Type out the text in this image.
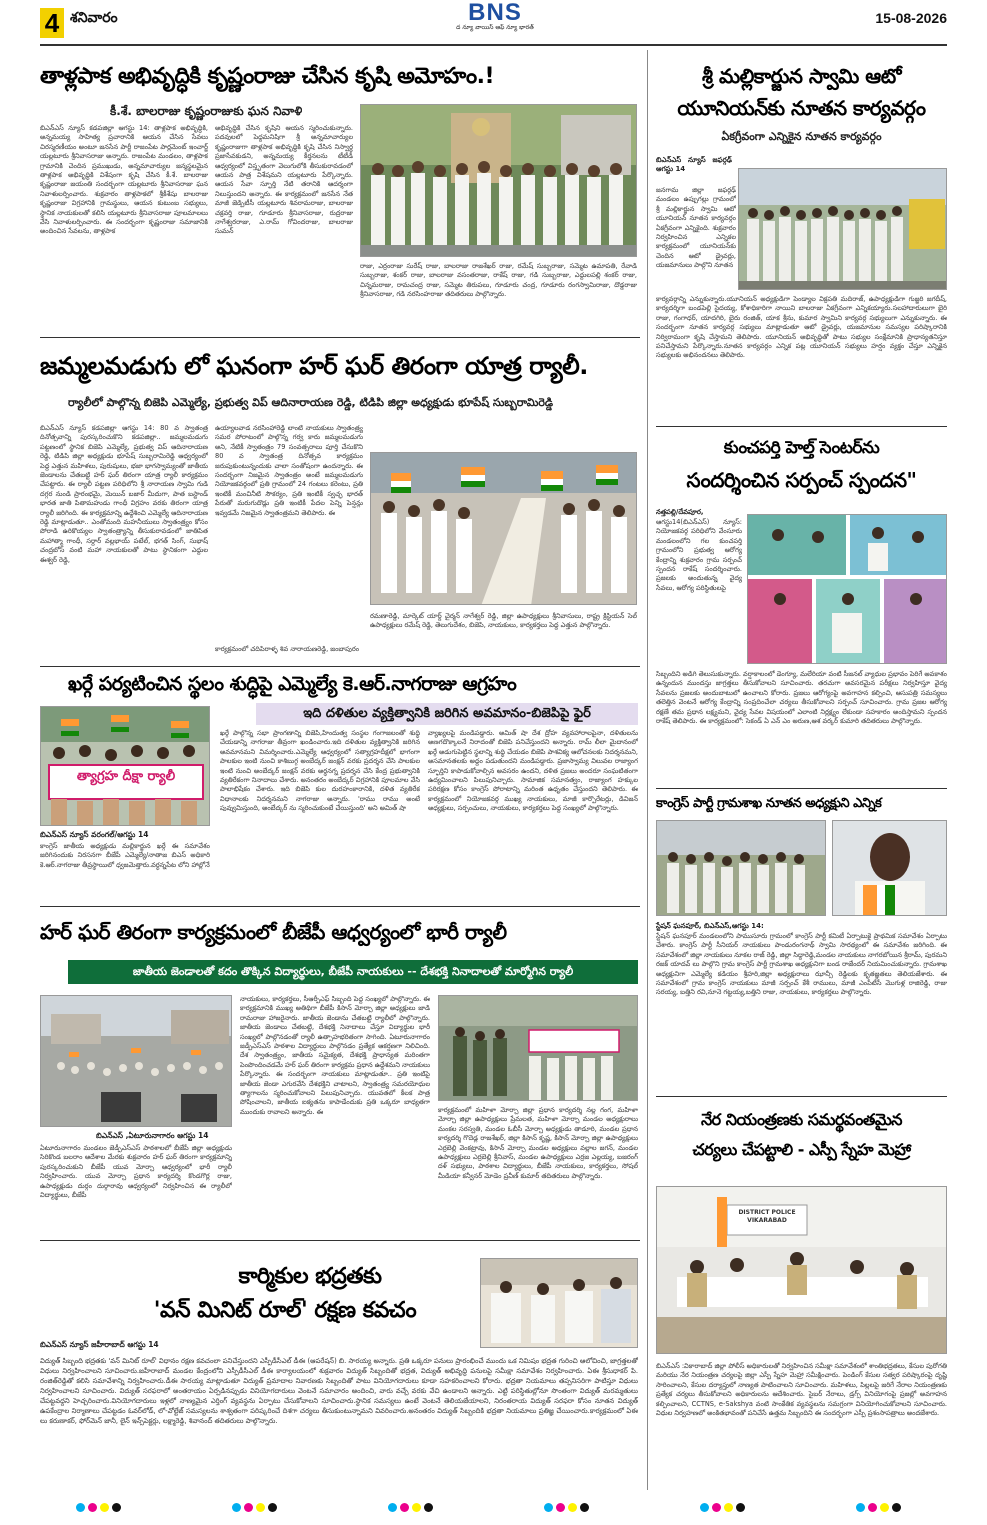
4 శనివారం	BNS
ద న్యూ వాయిస్ ఆఫ్ న్యూ భారత్
15-08-2026
తాళ్లపాక అభివృద్ధికి కృష్ణంరాజు చేసిన కృషి అమోహం.!
కీ.శే. బాలరాజు కృష్ణంరాజుకు ఘన నివాళి
బిఎన్ఎస్ న్యూస్ కడపజిల్లా ఆగస్టు 14: తాళ్లపాక అభివృద్ధికి, అన్నమయ్య సాహిత్య ప్రచారానికి ఆయన చేసిన సేవలు చిరస్మరణీయం అంటూ జనసేన పార్టీ రాజంపేట పార్లమెంట్ ఇంచార్జ్ యల్లటూరు శ్రీనివాసరాజు అన్నారు. రాజంపేట మండలం, తాళ్లపాక గ్రామానికి చెందిన ప్రముఖుడు, అన్నమాచార్యుల జన్మస్థలమైన తాళ్లపాక అభివృద్ధికి విశేషంగా కృషి చేసిన కీ.శే. బాలరాజు కృష్ణంరాజు జయంతి సందర్భంగా యల్లటూరు శ్రీనివాసరాజు ఘన నివాళులర్పించారు. శుక్రవారం తాళ్లపాకలో శ్రీకీశేషు బాలరాజు కృష్ణంరాజు విగ్రహానికి గ్రామస్థులు, ఆయన కుటుంబ సభ్యులు, స్థానిక నాయకులతో కలిసి యల్లటూరు శ్రీనివాసరాజు పూలమాలలు వేసి నివాళులర్పించారు. ఈ సందర్భంగా కృష్ణంరాజు సమాజానికి అందించిన సేవలను, తాళ్లపాక
అభివృద్ధికి చేసిన కృషిని ఆయన స్మరించుకున్నారు. పదవులలో పెద్దమనిషిగా శ్రీ అన్నమాచార్యుల కృష్ణంరాజుగా తాళ్లపాక అభివృద్ధికి కృషి చేసిన నిస్వార్థ ప్రజాసేవకుడని, అన్నమయ్య కీర్తనలను టీటీడీ ఆధ్వర్యంలో విస్తృతంగా వెలుగులోకి తీసుకురావడంలో ఆయన పాత్ర విశేషమని యల్లటూరు పేర్కొన్నారు. ఆయన సేవా స్ఫూర్తి నేటి తరానికి ఆదర్శంగా నిలుస్తుందని అన్నారు. ఈ కార్యక్రమంలో జనసేన నేత మాజీ జెడ్పిటీసీ యల్లటూరు శివరామరాజు, బాలరాజు చక్రవర్తి రాజు, గూడూరు శ్రీనివాసరాజు, రుద్రరాజు నాగేశ్వరరాజు, ఎ.రామ్ గోవిందరాజు, బాలరాజు సుమన్
రాజు, ఎర్రంరాజు సురేష్ రాజు, బాలరాజు రాజశేఖర్ రాజు, రమేష్ సుబ్బరాజు, సమ్మెట ఉమాపతి, రేవాడి సుబ్బరాజు, శంకర్ రాజు, బాలరాజు వసంతరాజు, రాకేష్ రాజు, గడి సుబ్బరాజు, ఎద్దులపల్లి శంకర్ రాజు, చిన్నమరాజు, రామచంద్ర రాజు, సమ్మెట తిరుపలు, గూడూరు చంద్ర, గూడూరు రంగస్వామిరాజు, దొడ్డరాజు శ్రీనివాసరాజు, గడి నరసింహరాజు తదితరులు పాల్గొన్నారు.
జమ్మలమడుగు లో ఘనంగా హర్ ఘర్ తిరంగా యాత్ర ర్యాలీ.
ర్యాలీలో పాల్గొన్న బిజెపి ఎమ్మెల్యే, ప్రభుత్వ విప్ ఆదినారాయణ రెడ్డి, టిడిపి జిల్లా అధ్యక్షుడు భూపేష్ సుబ్బరామిరెడ్డి
బిఎన్ఎస్ న్యూస్ కడపజిల్లా ఆగస్టు 14: 80 వ స్వాతంత్ర దినోత్సవాన్ని పురస్కరించుకొని కడపజిల్లా.. జమ్మలమడుగు పట్టణంలో స్థానిక బిజెపి ఎమ్మెల్యే, ప్రభుత్వ విప్ ఆదినారాయణ రెడ్డి, టిడిపి జిల్లా అధ్యక్షుడు భూపేష్ సుబ్బరామిరెడ్డి ఆధ్వర్యంలో పెద్ద ఎత్తున మహిళలు, పురుషులు, భజా భాగస్వామ్యంతో జాతీయ జెండాలను చేతబట్టి హర్ ఘర్ తిరంగా యాత్ర ర్యాలీ కార్యక్రమం చేపట్టారు. ఈ ర్యాలీ పట్టణ పరిధిలోని శ్రీ నారాయణ స్వామి గుడి దగ్గర నుండి ప్రారంభమై, మెయిన్ బజార్ మీదుగా, పాత బస్టాండ్ భారత జాతి పితామహుడు గాంధీ విగ్రహం వరకు తిరంగా యాత్ర ర్యాలీ జరిగింది. ఈ కార్యక్రమాన్ని ఉద్దేశించి ఎమ్మెల్యే ఆదినారాయణ రెడ్డి మాట్లాడుతూ.. ఎంతోమంది మహనీయులు స్వాతంత్ర్యం కోసం పోరాడి ఉరికొయ్యల స్వాతంత్ర్యాన్ని తీసుకురావడంలో జాతిపిత మహాత్మా గాంధీ, సర్దార్ వల్లభాయ్ పటేల్, భగత్ సింగ్, సుభాష్ చంద్రబోస్ వంటి మహా నాయకులతో పాటు స్థానికంగా ఎద్దుల ఈశ్వర్ రెడ్డి,
ఉయ్యాలవాడ నరసింహారెడ్డి లాంటి నాయకులు స్వాతంత్ర్య సమర పోరాటంలో పాల్గొన్న గర్వ కారు జమ్మలమడుగు అని, నేటికీ స్వాతంత్రం 79 సంవత్సరాలు పూర్తి చేసుకొని 80 వ స్వాతంత్ర దినోత్సవ కార్యక్రమం జరుపుకుంటున్నందుకు చాలా సంతోషంగా ఉందన్నారు. ఈ సందర్భంగా నిజమైన స్వాతంత్రం అంటే జమ్మలమడుగు నియోజకవర్గంలో ప్రతి గ్రామంలో 24 గంటలు కరెంటు, ప్రతి ఇంటికీ మంచినీటి సౌకర్యం, ప్రతి ఇంటికీ స్వచ్ఛ భారత్ పేరుతో మరుగుదొడ్లు ప్రతి ఇంటికీ పేదల పెన్ని పెన్షన్లు ఇవ్వడమే నిజమైన స్వాతంత్రమని తెలిపారు. ఈ
కార్యక్రమంలో చదిపిరాళ్ళ శివ నారాయణరెడ్డి, జంబాపురం
రమణారెడ్డి, మార్కెట్ యార్డ్ చైర్మన్ నాగేశ్వర్ రెడ్డి, జిల్లా ఉపాధ్యక్షులు శ్రీనివాసులు, రాష్ట్ర క్రిస్టియన్ సెల్ ఉపాధ్యక్షులు రమేష్ రెడ్డి, తెలుగుదేశం, బిజెపి, నాయకులు, కార్యకర్తలు పెద్ద ఎత్తున పాల్గొన్నారు.
ఖర్గే పర్యటించిన స్థలం శుద్ధిపై ఎమ్మెల్యే కె.ఆర్.నాగరాజు ఆగ్రహం
ఇది దళితుల వ్యక్తిత్వానికి జరిగిన అవమానం-బిజెపిపై ఫైర్
త్యాగ్రహ దీక్షా ర్యాలీ
బిఎన్ఎస్ న్యూస్ వరంగల్/ఆగస్టు 14
కాంగ్రెస్ జాతీయ అధ్యక్షుడు మల్లికార్జున ఖర్గే ఈ సమావేశం జరిగినందుకు నిరసనగా బీజేపీ ఎమ్మెల్యే/నాతాజ బిఎస్ అధికారి కె.ఆర్.నాగరాజు తీవ్రస్థాయిలో ధ్వజమెత్తారు.వర్ధన్నపేట లోని హాల్లోనే
ఖర్గే పాల్గొన్న సభా ప్రాంగణాన్ని బిజెపి,హిందుత్వ సంస్థల గంగాజలంతో శుద్ధి చేయడాన్ని నాగరాజు తీవ్రంగా ఖండించారు.ఇది దళితుల వ్యక్తిత్వానికి జరిగిన అవమానమని విమర్శించారు.ఎమ్మెల్యే ఆధ్వర్యంలో సత్యాగ్రహదీక్షలో భాగంగా పాలకుల ఇంటి నుంచి కాశిబుగ్గ అంబేద్కర్ జంక్షన్ వరకు ప్రదర్శన చేసి పాలకుల ఇంటి నుంచి అంబేద్కర్ జంక్షన్ వరకు అర్ధనగ్న ప్రదర్శన చేసి కేంద్ర ప్రభుత్వానికి వ్యతిరేకంగా నినాదాలు చేశారు. అనంతరం అంబేద్కర్ విగ్రహానికి పూలమాల వేసి పాలాభిషేకం చేశారు. ఇది బిజెపి కుల దురహంకారానికి, దళిత వ్యతిరేక విధానాలకు నిదర్శనమని నాగరాజు అన్నారు. 'రాము రాము అంటే పువ్వుమిస్తుంది, అంబేద్కర్ ను స్మరించుకుంటే చేయిస్తుంది' అని అమిత్ షా
వ్యాఖ్యలపై మండిపడ్డారు. అమిత్ షా దేశ ద్రోహ వ్యవహారాలపైనా, దళితులను అణగదొక్కాలనే నిరాదంతో బిజెపి పనిచేస్తుందని అన్నారు. రామ్ లీలా మైదానంలో ఖర్గే అడుగుపెట్టిన స్థలాన్ని శుద్ధి చేయడం బిజెపి పాశవిక్య ఆలోచనలకు నిదర్శనమని, అసమానతలకు అద్దం పడుతుందని మండిపడ్డారు. ప్రజాస్వామ్య విలువల రాజ్యాంగ స్ఫూర్తిని కాపాడుకోవాల్సిన అవసరం ఉందని, దళిత ప్రజలు అందరూ సంఘటితంగా ఉద్యమించాలని పిలుపునిచ్చారు. సామాజిక సమానత్వం, రాజ్యాంగ హక్కుల పరిరక్షణ కోసం కాంగ్రెస్ పోరాటాన్ని మరింత ఉధృతం చేస్తుందని తెలిపారు. ఈ కార్యక్రమంలో నియోజకవర్గ ముఖ్య నాయకులు, మాజీ కార్పొరేటర్లు, డివిజన్ అధ్యక్షులు, సర్పంచులు, నాయకులు, కార్యకర్తలు పెద్ద సంఖ్యలో పాల్గొన్నారు.
హర్ ఘర్ తిరంగా కార్యక్రమంలో బీజేపీ ఆధ్వర్యంలో భారీ ర్యాలీ
జాతీయ జెండాలతో కదం తొక్కిన విద్యార్థులు, బీజేపీ నాయకులు -- దేశభక్తి నినాదాలతో మార్మోగిన ర్యాలీ
బిఎన్ఎస్ ,ఏటూరునాగారం ఆగస్టు 14
ఏటూరునాగారం మండలం జెడ్పీఎస్ఎస్ పాఠశాలలో బీజేపీ జిల్లా అధ్యక్షుడు సిరికొండ బలరాం ఆదేశాల మేరకు శుక్రవారం హర్ ఘర్ తిరంగా కార్యక్రమాన్ని పురస్కరించుకుని బీజేపీ యువ మోర్చా ఆధ్వర్యంలో భారీ ర్యాలీ నిర్వహించారు. యువ మోర్చా ప్రధాన కార్యదర్శి కొండగొర్ల రాజు, ఉపాధ్యక్షుడు దుర్గం దుర్గారావు ఆధ్వర్యంలో నిర్వహించిన ఈ ర్యాలీలో విద్యార్థులు, బీజేపీ
నాయకులు, కార్యకర్తలు, సీఆర్పీఎఫ్ సిబ్బంది పెద్ద సంఖ్యలో పాల్గొన్నారు. ఈ కార్యక్రమానికి ముఖ్య అతిథిగా బీజేపీ కిసాన్ మోర్చా జిల్లా అధ్యక్షులు జాడి రామరాజు హాజరైనారు. జాతీయ జెండాను చేతబట్టి ర్యాలీలో పాల్గొన్నారు. జాతీయ జెండాలు చేతబట్టి, దేశభక్తి నినాదాలు చేస్తూ విద్యార్థుల భారీ సంఖ్యలో పాల్గొనడంతో ర్యాలీ ఉత్సాహభరితంగా సాగింది. ఏటూరునాగారం జడ్పీఎస్ఎస్ పాఠశాల విద్యార్థులు పాల్గొనడం ప్రత్యేక ఆకర్షణగా నిలిచింది. దేశ స్వాతంత్ర్యం, జాతీయ సమైక్యత, దేశభక్తి ప్రాధాన్యత మరింతగా పెంపొందించడమే హర్ ఘర్ తిరంగా కార్యక్రమ ప్రధాన ఉద్దేశమని నాయకులు పేర్కొన్నారు. ఈ సందర్భంగా నాయకులు మాట్లాడుతూ.. ప్రతి ఇంటిపై జాతీయ జెండా ఎగురవేసి దేశభక్తిని చాటాలని, స్వాతంత్ర్య సమరయోధుల త్యాగాలను స్మరించుకోవాలని పిలుపునిచ్చారు. యువతలో కీలక పాత్ర పోషించాలని, జాతీయ ఐక్యతను కాపాడేందుకు ప్రతి ఒక్కరూ బాధ్యతగా ముందుకు రావాలని అన్నారు. ఈ	కార్యక్రమంలో మహిళా మోర్చా జిల్లా ప్రధాన కార్యదర్శి నల్ల గంగ, మహిళా మోర్చా జిల్లా ఉపాధ్యక్షులు ప్రేమలత, మహిళా మోర్చా మండల అధ్యక్షురాలు మంకల సరస్వతి, మండల ఓబీసీ మోర్చా అధ్యక్షుడు తాడూరి, మండల ప్రధాన కార్యదర్శి గొదెడ్ల రాజశేఖర్, జిల్లా కిసాన్ కృష్ణ, కిసాన్ మోర్చా జిల్లా ఉపాధ్యక్షులు ఎర్రబెల్లి వెంకట్రావు, కిసాన్ మోర్చా మండల అధ్యక్షులు వల్లాల జగన్, మండల ఉపాధ్యక్షులు ఎర్రబెల్లి శ్రీనివాస్, మండల ఉపాధ్యక్షులు ఎర్రజ ఎల్లయ్య, బజరంగ్ దళ్ సభ్యులు, పాఠశాల విద్యార్థులు, బీజేపీ నాయకులు, కార్యకర్తలు, సోషల్ మీడియా కన్వీనర్ మోడెం ప్రవీణ్ కుమార్ తదితరులు పాల్గొన్నారు.
కార్మికుల భద్రతకు
'వన్ మినిట్ రూల్' రక్షణ కవచం
బిఎన్ఎస్ న్యూస్ జహీరాబాద్ ఆగస్టు 14
విద్యుత్ సిబ్బంది భద్రతకు 'వన్ మినిట్ రూల్' విధానం రక్షణ కవచంలా పనిచేస్తుందని ఎస్పీడీసీఎల్ డీఈ (ఆపరేషన్) బి. సారయ్య అన్నారు. ప్రతి ఒక్కరూ పనులు ప్రారంభించే ముందు ఒక నిమిషం భద్రత గురించి ఆలోచించి, జాగ్రత్తలతో విధులు నిర్వహించాలని సూచించారు.జహీరాబాద్ మండల కేంద్రంలోని ఎస్పీడీసీఎల్ డీఈ కార్యాలయంలో శుక్రవారం విద్యుత్ సిబ్బందితో భద్రత, విద్యుత్ అభివృద్ధి పనులపై సమీక్షా సమావేశం నిర్వహించారు. ఏఈ శ్రీసుధాకర్ పి. రంజిత్‌రెడ్డితో కలిసి సమావేశాన్ని నిర్వహించారు.డీఈ సారయ్య మాట్లాడుతూ విద్యుత్ ప్రమాదాల నివారణకు సిబ్బందితో పాటు వినియోగదారులు కూడా సహకరించాలని కోరారు. భద్రతా నియమాలు తప్పనిసరిగా పాటిస్తూ విధులు నిర్వహించాలని సూచించారు. విద్యుత్ సరఫరాలో అంతరాయం ఏర్పడినప్పుడు వినియోగదారులు వెంటనే సమాచారం అందించి, వారు వచ్చే వరకు వేచి ఉండాలని అన్నారు. ఎట్టి పరిస్థితుల్లోనూ సొంతంగా విద్యుత్ మరమ్మతులు చేపట్టవద్దని హెచ్చరించారు.వినియోగదారులు ఇళ్లలో నాణ్యమైన ఎర్తింగ్ వ్యవస్థను ఏర్పాటు చేసుకోవాలని సూచించారు.స్థానిక సమస్యలు ఉంటే వెంటనే తెలియజేయాలని, నిరంతరాయ విద్యుత్ సరఫరా కోసం నూతన విద్యుత్ ఉపకేంద్రాల నిర్మాణాలు చేపట్టడం ఓవర్‌లోడ్, లో-వోల్టేజ్ సమస్యలను శాశ్వతంగా పరిష్కరించే దిశగా చర్యలు తీసుకుంటున్నామని వివరించారు.అనంతరం విద్యుత్ సిబ్బందికి భద్రతా నియమాలు ప్రతిజ్ఞ చేయించారు.కార్యక్రమంలో ఏఈ లు కరుణాకర్, ఫోర్‌మెన్ జానీ, లైన్ ఇన్స్‌పెక్టర్లు, లక్ష్మారెడ్డి, శివానంద్ తదితరులు పాల్గొన్నారు.
శ్రీ మల్లికార్జున స్వామి ఆటో
యూనియన్‌కు నూతన కార్యవర్గం
ఏకగ్రీవంగా ఎన్నికైన నూతన కార్యవర్గం
బిఎన్ఎస్ న్యూస్ జఫర్గఢ్ ఆగస్టు 14
జనగామ జిల్లా జఫర్గఢ్ మండలం ఉప్పుగల్లు గ్రామంలో శ్రీ మల్లికార్జున స్వామి ఆటో యూనియన్ నూతన కార్యవర్గం ఏకగ్రీవంగా ఎన్నికైంది. శుక్రవారం నిర్వహించిన ఎన్నికల కార్యక్రమంలో యూనియన్‌కు చెందిన ఆటో డ్రైవర్లు, యజమానులు పాల్గొని నూతన
కార్యవర్గాన్ని ఎన్నుకున్నారు.యూనియన్ అధ్యక్షుడిగా పెండ్యాల విక్రపతి మదిరాజ్, ఉపాధ్యక్షుడిగా గుజ్జరి జగదీష్, కార్యదర్శిగా బండపెల్లి సైదయ్య, కోశాధికారిగా నాయిని బాలరాజు ఏకగ్రీవంగా ఎన్నికయ్యారు.సలహాదారులుగా బైరి రాజు, గంగాధర్, యాదగిరి, బైరు రంజిత్, యాక శ్రీను, కుమార స్వామిని కార్యవర్గ సభ్యులుగా ఎన్నుకున్నారు. ఈ సందర్భంగా నూతన కార్యవర్గ సభ్యులు మాట్లాడుతూ ఆటో డ్రైవర్లు, యజమానుల సమస్యల పరిష్కారానికి నిర్విరామంగా కృషి చేస్తామని తెలిపారు. యూనియన్ అభివృద్ధితో పాటు సభ్యుల సంక్షేమానికి ప్రాధాన్యతనిస్తూ పనిచేస్తామని పేర్కొన్నారు.నూతన కార్యవర్గం ఎన్నిక పట్ల యూనియన్ సభ్యులు హర్షం వ్యక్తం చేస్తూ ఎన్నికైన సభ్యులకు అభినందనలు తెలిపారు.
కుంచపర్తి హెల్త్ సెంటర్‌ను
సందర్శించిన సర్పంచ్ స్పందన"
నత్తపల్లి/దేవపూర,
ఆగస్టు14(బిఎన్ఎస్) న్యూస్: నియోజకవర్గ పరిధిలోని వేంసూరు మండలంలోని గల కుంచపర్తి గ్రామంలోని ప్రభుత్వ ఆరోగ్య కేంద్రాన్ని శుక్రవారం గ్రామ సర్పంచ్ స్పందన రాకేష్ సందర్శించారు. ప్రజలకు అందుతున్న వైద్య సేవలు, ఆరోగ్య పరిస్థితులపై
సిబ్బందిని అడిగి తెలుసుకున్నారు. వర్షాకాలంలో డెంగ్యూ, మలేరియా వంటి సీజనల్ వ్యాధుల ప్రభావం పెరిగే అవకాశం ఉన్నందున ముందస్తు జాగ్రత్తలు తీసుకోవాలని సూచించారు. తరచుగా అవసరమైన పరీక్షలు నిర్వహిస్తూ వైద్య సేవలను ప్రజలకు అందుబాటులో ఉంచాలని కోరారు. ప్రజలు ఆరోగ్యంపై అవగాహన కల్పించి, ఆసుపత్రి సమస్యలు తలెత్తిన వెంటనే ఆరోగ్య కేంద్రాన్ని సంప్రదించేలా చర్యలు తీసుకోవాలని సర్పంచ్ సూచించారు. గ్రామ ప్రజల ఆరోగ్య రక్షణే తమ ప్రధాన లక్ష్యమని, వైద్య సేవల విషయంలో ఎలాంటి నిర్లక్ష్యం లేకుండా సహకారం అందిస్తామని స్పందన రాకేష్ తెలిపారు. ఈ కార్యక్రమంలో: సెకండ్ ఏ ఎన్ ఎం అరుణ,ఆశ వర్కర్ కుమారి తదితరులు పాల్గొన్నారు.
కాంగ్రెస్ పార్టీ గ్రామశాఖ నూతన అధ్యక్షుని ఎన్నిక
స్టేషన్ ఘనపూర్, బిఎన్ఎస్,ఆగస్టు 14:
స్టేషన్ ఘనపూర్ మండలంలోని పాముసూరు గ్రామంలో కాంగ్రెస్ పార్టీ కమిటీ ఏర్పాటుకై ప్రాథమిక సమావేశం ఏర్పాటు చేశారు. కాంగ్రెస్ పార్టీ సీనియర్ నాయకులు పాండురంగనాథ్ స్వామి సారథ్యంలో ఈ సమావేశం జరిగింది. ఈ సమావేశంలో జిల్లా నాయకులు నూకల రాజ్ రెడ్డి, జిల్లా సిద్దారెడ్డి,మండల నాయకులు నాగరబోయిన శ్రీరామ్, పురమని రజక్ యాదవ్ లు పాల్గొని గ్రామ కాంగ్రెస్ పార్టీ గ్రామశాఖ అధ్యక్షునిగా బండ రాజేందర్ నియమించుకున్నారు. గ్రామశాఖ అధ్యక్షునిగా ఎమ్మెల్యే కడియం శ్రీహరి,జిల్లా అధ్యక్షురాలు ఝాన్సీ రెడ్డిలకు కృతజ్ఞతలు తెలియజేశారు. ఈ సమావేశంలో గ్రామ కాంగ్రెస్ నాయకులు మాజీ సర్పంచ్ కేశీ రాములు, మాజీ ఎంపీటీసీ మొగుళ్ల రాజిరెడ్డి, రాజు సరయ్య, బత్తిని రవి,నూనె గట్టయ్య,బత్తిని రాజు, నాయకులు, కార్యకర్తలు పాల్గొన్నారు.
నేర నియంత్రణకు సమర్థవంతమైన
చర్యలు చేపట్టాలి - ఎస్పీ స్నేహ మెహ్రా
DISTRICT POLICE VIKARABAD
బిఎన్ఎస్ :వికారాబాద్ జిల్లా పోలీస్ అధికారులతో నిర్వహించిన సమీక్షా సమావేశంలో శాంతిభద్రతలు, కేసుల పురోగతి మరియు నేర నియంత్రణ చర్యలపై జిల్లా ఎస్పీ స్నేహ మెహ్రా సమీక్షించారు. పెండింగ్ కేసుల సత్వర పరిష్కారంపై దృష్టి సారించాలని, కేసుల దర్యాప్తులో నాణ్యత పాటించాలని సూచించారు. మహిళలు, పిల్లలపై జరిగే నేరాల నియంత్రణకు ప్రత్యేక చర్యలు తీసుకోవాలని అధికారులను ఆదేశించారు. సైబర్ నేరాలు, డ్రగ్స్ వినియోగంపై ప్రజల్లో అవగాహన కల్పించాలని, CCTNS, e-Sakshya వంటి సాంకేతిక వ్యవస్థలను సమగ్రంగా వినియోగించుకోవాలని సూచించారు. విధుల నిర్వహణలో అంకితభావంతో పనిచేసే ఉత్తమ సిబ్బందిని ఈ సందర్భంగా ఎస్పీ ప్రశంసాపత్రాలు అందజేశారు.
